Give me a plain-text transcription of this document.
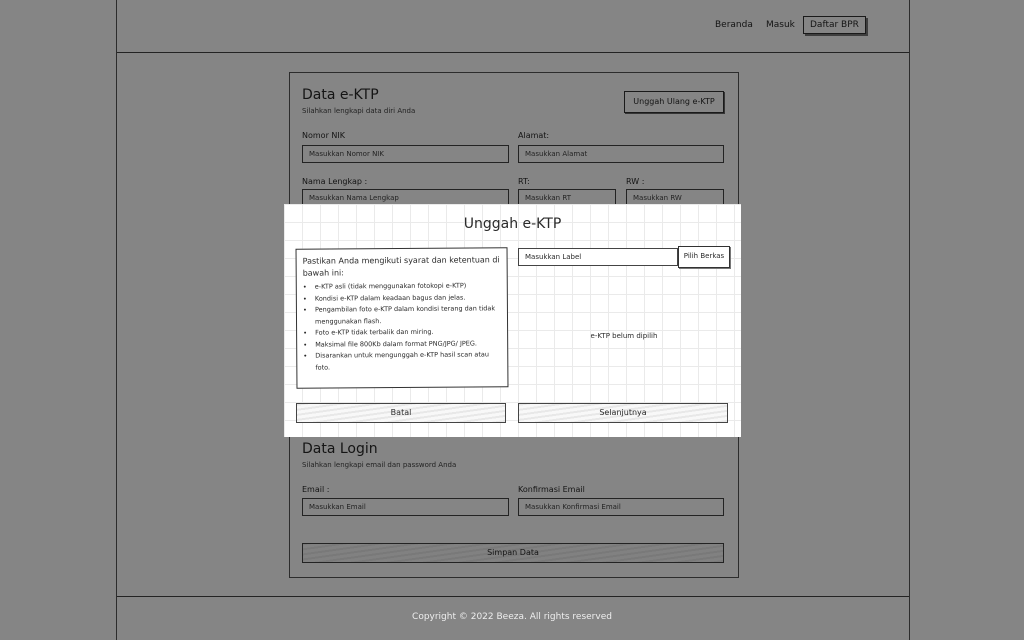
Beranda Masuk	Daftar BPR
Data e-KTP
Silahkan lengkapi data diri Anda
Unggah Ulang e-KTP
Nomor NIK
Masukkan Nomor NIK
Alamat:
Masukkan Alamat
Nama Lengkap :
Masukkan Nama Lengkap
RT:
Masukkan RT
RW :
Masukkan RW
Data Login
Silahkan lengkapi email dan password Anda
Email :
Masukkan Email
Konfirmasi Email
Masukkan Konfirmasi Email
Simpan Data
Copyright © 2022 Beeza. All rights reserved
Unggah e-KTP
Pastikan Anda mengikuti syarat dan ketentuan di bawah ini:
• e-KTP asli (tidak menggunakan fotokopi e-KTP)
• Kondisi e-KTP dalam keadaan bagus dan jelas.
• Pengambilan foto e-KTP dalam kondisi terang dan tidak menggunakan flash.
• Foto e-KTP tidak terbalik dan miring.
• Maksimal file 800Kb dalam format PNG/JPG/ JPEG.
• Disarankan untuk mengunggah e-KTP hasil scan atau foto.
Masukkan Label	Pilih Berkas
e-KTP belum dipilih
Batal	Selanjutnya
